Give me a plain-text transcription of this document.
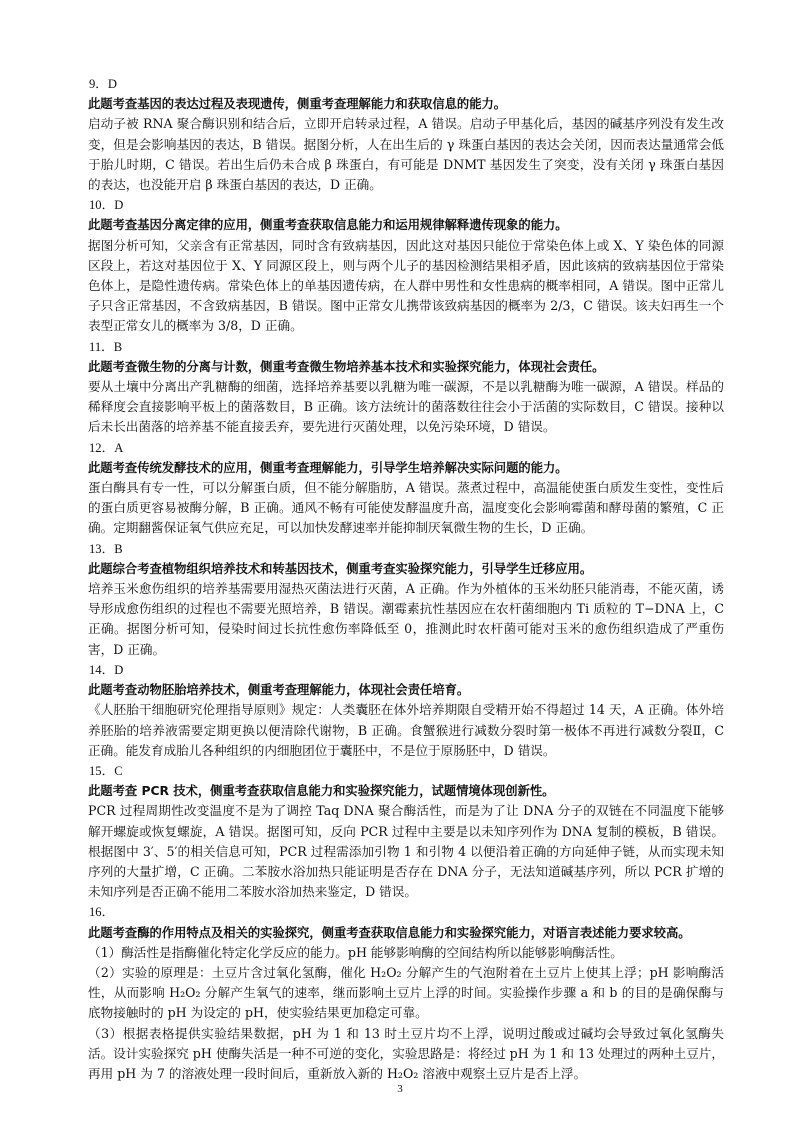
9．D

此题考查基因的表达过程及表现遗传，侧重考查理解能力和获取信息的能力。

启动子被 RNA 聚合酶识别和结合后，立即开启转录过程，A 错误。启动子甲基化后，基因的碱基序列没有发生改变，但是会影响基因的表达，B 错误。据图分析，人在出生后的 γ 珠蛋白基因的表达会关闭，因而表达量通常会低于胎儿时期，C 错误。若出生后仍未合成 β 珠蛋白，有可能是 DNMT 基因发生了突变，没有关闭 γ 珠蛋白基因的表达，也没能开启 β 珠蛋白基因的表达，D 正确。

10．D

此题考查基因分离定律的应用，侧重考查获取信息能力和运用规律解释遗传现象的能力。

据图分析可知，父亲含有正常基因，同时含有致病基因，因此这对基因只能位于常染色体上或 X、Y 染色体的同源区段上，若这对基因位于 X、Y 同源区段上，则与两个儿子的基因检测结果相矛盾，因此该病的致病基因位于常染色体上，是隐性遗传病。常染色体上的单基因遗传病，在人群中男性和女性患病的概率相同，A 错误。图中正常儿子只含正常基因，不含致病基因，B 错误。图中正常女儿携带该致病基因的概率为 2/3，C 错误。该夫妇再生一个表型正常女儿的概率为 3/8，D 正确。

11．B

此题考查微生物的分离与计数，侧重考查微生物培养基本技术和实验探究能力，体现社会责任。

要从土壤中分离出产乳糖酶的细菌，选择培养基要以乳糖为唯一碳源，不是以乳糖酶为唯一碳源，A 错误。样品的稀释度会直接影响平板上的菌落数目，B 正确。该方法统计的菌落数往往会小于活菌的实际数目，C 错误。接种以后未长出菌落的培养基不能直接丢弃，要先进行灭菌处理，以免污染环境，D 错误。

12．A

此题考查传统发酵技术的应用，侧重考查理解能力，引导学生培养解决实际问题的能力。

蛋白酶具有专一性，可以分解蛋白质，但不能分解脂肪，A 错误。蒸煮过程中，高温能使蛋白质发生变性，变性后的蛋白质更容易被酶分解，B 正确。通风不畅有可能使发酵温度升高，温度变化会影响霉菌和酵母菌的繁殖，C 正确。定期翻酱保证氧气供应充足，可以加快发酵速率并能抑制厌氧微生物的生长，D 正确。

13．B

此题综合考查植物组织培养技术和转基因技术，侧重考查实验探究能力，引导学生迁移应用。

培养玉米愈伤组织的培养基需要用湿热灭菌法进行灭菌，A 正确。作为外植体的玉米幼胚只能消毒，不能灭菌，诱导形成愈伤组织的过程也不需要光照培养，B 错误。潮霉素抗性基因应在农杆菌细胞内 Ti 质粒的 T−DNA 上，C 正确。据图分析可知，侵染时间过长抗性愈伤率降低至 0，推测此时农杆菌可能对玉米的愈伤组织造成了严重伤害，D 正确。

14．D

此题考查动物胚胎培养技术，侧重考查理解能力，体现社会责任培育。

《人胚胎干细胞研究伦理指导原则》规定：人类囊胚在体外培养期限自受精开始不得超过 14 天，A 正确。体外培养胚胎的培养液需要定期更换以便清除代谢物，B 正确。食蟹猴进行减数分裂时第一极体不再进行减数分裂Ⅱ，C 正确。能发育成胎儿各种组织的内细胞团位于囊胚中，不是位于原肠胚中，D 错误。

15．C

此题考查 PCR 技术，侧重考查获取信息能力和实验探究能力，试题情境体现创新性。

PCR 过程周期性改变温度不是为了调控 Taq DNA 聚合酶活性，而是为了让 DNA 分子的双链在不同温度下能够解开螺旋或恢复螺旋，A 错误。据图可知，反向 PCR 过程中主要是以未知序列作为 DNA 复制的模板，B 错误。根据图中 3′、5′的相关信息可知，PCR 过程需添加引物 1 和引物 4 以便沿着正确的方向延伸子链，从而实现未知序列的大量扩增，C 正确。二苯胺水浴加热只能证明是否存在 DNA 分子，无法知道碱基序列，所以 PCR 扩增的未知序列是否正确不能用二苯胺水浴加热来鉴定，D 错误。

16．

此题考查酶的作用特点及相关的实验探究，侧重考查获取信息能力和实验探究能力，对语言表述能力要求较高。

（1）酶活性是指酶催化特定化学反应的能力。pH 能够影响酶的空间结构所以能够影响酶活性。

（2）实验的原理是：土豆片含过氧化氢酶，催化 H₂O₂ 分解产生的气泡附着在土豆片上使其上浮；pH 影响酶活性，从而影响 H₂O₂ 分解产生氧气的速率，继而影响土豆片上浮的时间。实验操作步骤 a 和 b 的目的是确保酶与底物接触时的 pH 为设定的 pH，使实验结果更加稳定可靠。

（3）根据表格提供实验结果数据，pH 为 1 和 13 时土豆片均不上浮，说明过酸或过碱均会导致过氧化氢酶失活。设计实验探究 pH 使酶失活是一种不可逆的变化，实验思路是：将经过 pH 为 1 和 13 处理过的两种土豆片，再用 pH 为 7 的溶液处理一段时间后，重新放入新的 H₂O₂ 溶液中观察土豆片是否上浮。

3
